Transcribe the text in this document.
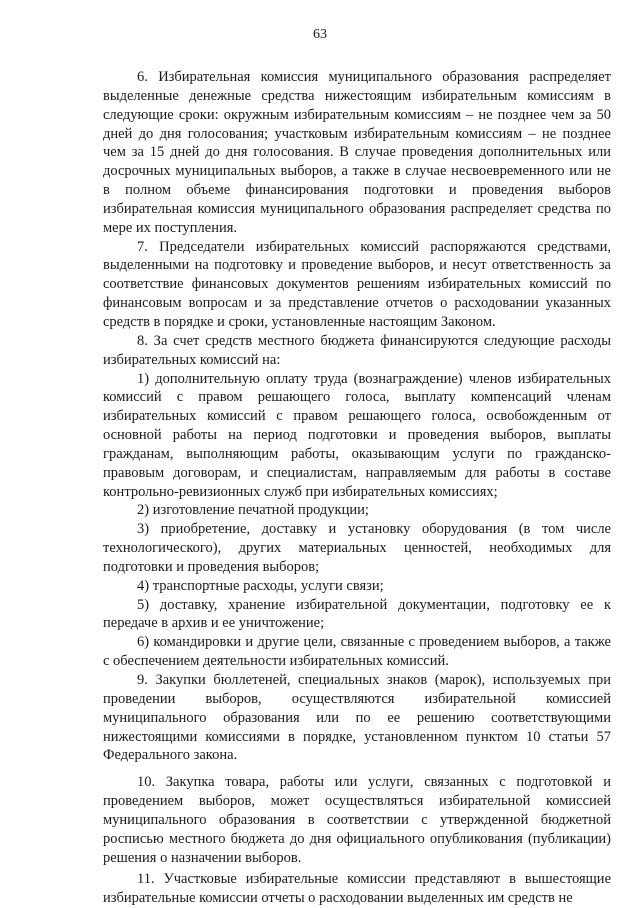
63

6. Избирательная комиссия муниципального образования распределяет выделенные денежные средства нижестоящим избирательным комиссиям в следующие сроки: окружным избирательным комиссиям – не позднее чем за 50 дней до дня голосования; участковым избирательным комиссиям – не позднее чем за 15 дней до дня голосования. В случае проведения дополнительных или досрочных муниципальных выборов, а также в случае несвоевременного или не в полном объеме финансирования подготовки и проведения выборов избирательная комиссия муниципального образования распределяет средства по мере их поступления.

7. Председатели избирательных комиссий распоряжаются средствами, выделенными на подготовку и проведение выборов, и несут ответственность за соответствие финансовых документов решениям избирательных комиссий по финансовым вопросам и за представление отчетов о расходовании указанных средств в порядке и сроки, установленные настоящим Законом.

8. За счет средств местного бюджета финансируются следующие расходы избирательных комиссий на:

1) дополнительную оплату труда (вознаграждение) членов избирательных комиссий с правом решающего голоса, выплату компенсаций членам избирательных комиссий с правом решающего голоса, освобожденным от основной работы на период подготовки и проведения выборов, выплаты гражданам, выполняющим работы, оказывающим услуги по гражданско-правовым договорам, и специалистам, направляемым для работы в составе контрольно-ревизионных служб при избирательных комиссиях;

2) изготовление печатной продукции;

3) приобретение, доставку и установку оборудования (в том числе технологического), других материальных ценностей, необходимых для подготовки и проведения выборов;

4) транспортные расходы, услуги связи;

5) доставку, хранение избирательной документации, подготовку ее к передаче в архив и ее уничтожение;

6) командировки и другие цели, связанные с проведением выборов, а также с обеспечением деятельности избирательных комиссий.

9. Закупки бюллетеней, специальных знаков (марок), используемых при проведении выборов, осуществляются избирательной комиссией муниципального образования или по ее решению соответствующими нижестоящими комиссиями в порядке, установленном пунктом 10 статьи 57 Федерального закона.

10. Закупка товара, работы или услуги, связанных с подготовкой и проведением выборов, может осуществляться избирательной комиссией муниципального образования в соответствии с утвержденной бюджетной росписью местного бюджета до дня официального опубликования (публикации) решения о назначении выборов.

11. Участковые избирательные комиссии представляют в вышестоящие избирательные комиссии отчеты о расходовании выделенных им средств не
